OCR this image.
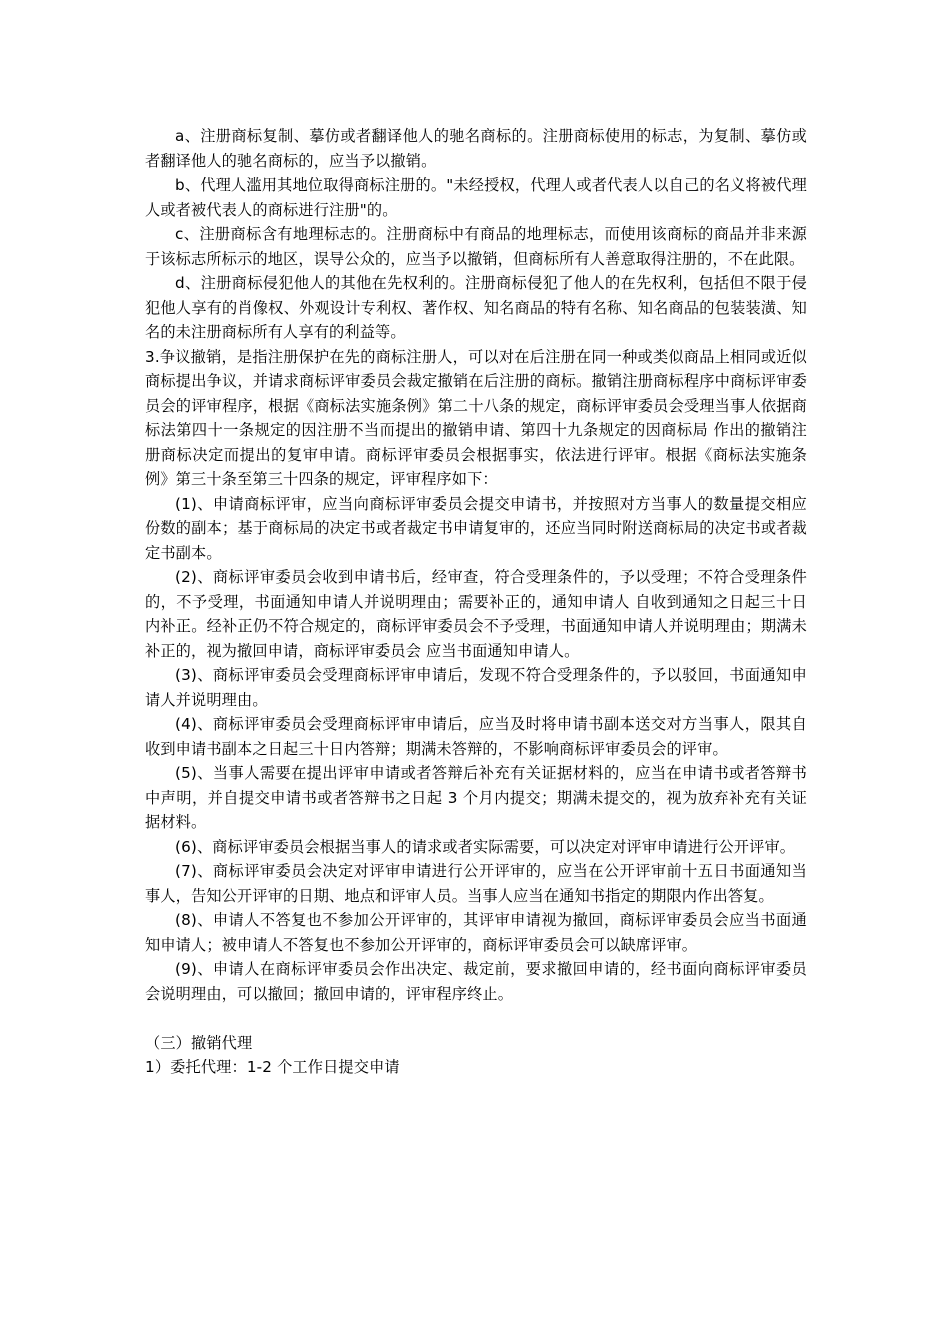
a、注册商标复制、摹仿或者翻译他人的驰名商标的。注册商标使用的标志，为复制、摹仿或者翻译他人的驰名商标的，应当予以撤销。

b、代理人滥用其地位取得商标注册的。"未经授权，代理人或者代表人以自己的名义将被代理人或者被代表人的商标进行注册"的。

c、注册商标含有地理标志的。注册商标中有商品的地理标志，而使用该商标的商品并非来源于该标志所标示的地区，误导公众的，应当予以撤销，但商标所有人善意取得注册的，不在此限。

d、注册商标侵犯他人的其他在先权利的。注册商标侵犯了他人的在先权利，包括但不限于侵犯他人享有的肖像权、外观设计专利权、著作权、知名商品的特有名称、知名商品的包装装潢、知名的未注册商标所有人享有的利益等。

3.争议撤销，是指注册保护在先的商标注册人，可以对在后注册在同一种或类似商品上相同或近似商标提出争议，并请求商标评审委员会裁定撤销在后注册的商标。撤销注册商标程序中商标评审委员会的评审程序，根据《商标法实施条例》第二十八条的规定，商标评审委员会受理当事人依据商标法第四十一条规定的因注册不当而提出的撤销申请、第四十九条规定的因商标局 作出的撤销注册商标决定而提出的复审申请。商标评审委员会根据事实，依法进行评审。根据《商标法实施条例》第三十条至第三十四条的规定，评审程序如下：

(1)、申请商标评审，应当向商标评审委员会提交申请书，并按照对方当事人的数量提交相应份数的副本；基于商标局的决定书或者裁定书申请复审的，还应当同时附送商标局的决定书或者裁定书副本。

(2)、商标评审委员会收到申请书后，经审查，符合受理条件的，予以受理；不符合受理条件的，不予受理，书面通知申请人并说明理由；需要补正的，通知申请人 自收到通知之日起三十日内补正。经补正仍不符合规定的，商标评审委员会不予受理，书面通知申请人并说明理由；期满未补正的，视为撤回申请，商标评审委员会 应当书面通知申请人。

(3)、商标评审委员会受理商标评审申请后，发现不符合受理条件的，予以驳回，书面通知申请人并说明理由。

(4)、商标评审委员会受理商标评审申请后，应当及时将申请书副本送交对方当事人，限其自收到申请书副本之日起三十日内答辩；期满未答辩的，不影响商标评审委员会的评审。

(5)、当事人需要在提出评审申请或者答辩后补充有关证据材料的，应当在申请书或者答辩书中声明，并自提交申请书或者答辩书之日起 3 个月内提交；期满未提交的，视为放弃补充有关证据材料。

(6)、商标评审委员会根据当事人的请求或者实际需要，可以决定对评审申请进行公开评审。

(7)、商标评审委员会决定对评审申请进行公开评审的，应当在公开评审前十五日书面通知当事人，告知公开评审的日期、地点和评审人员。当事人应当在通知书指定的期限内作出答复。

(8)、申请人不答复也不参加公开评审的，其评审申请视为撤回，商标评审委员会应当书面通知申请人；被申请人不答复也不参加公开评审的，商标评审委员会可以缺席评审。

(9)、申请人在商标评审委员会作出决定、裁定前，要求撤回申请的，经书面向商标评审委员会说明理由，可以撤回；撤回申请的，评审程序终止。

（三）撤销代理

1）委托代理：1-2 个工作日提交申请
